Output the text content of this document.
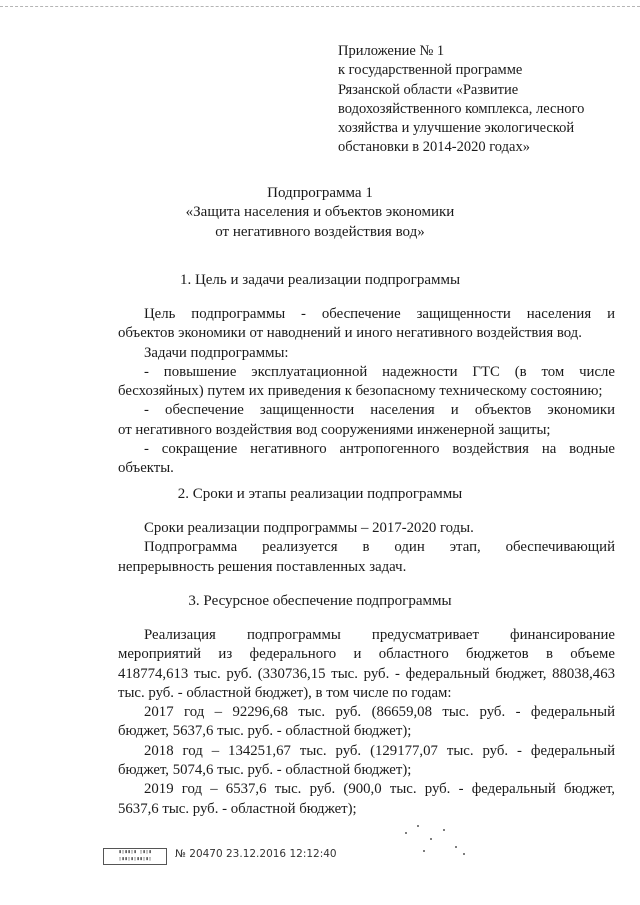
Приложение № 1
к государственной программе
Рязанской области «Развитие
водохозяйственного комплекса, лесного
хозяйства и улучшение экологической
обстановки в 2014-2020 годах»
Подпрограмма 1
«Защита населения и объектов экономики
от негативного воздействия вод»
1. Цель и задачи реализации подпрограммы
Цель подпрограммы - обеспечение защищенности населения и
объектов экономики от наводнений и иного негативного воздействия вод.
Задачи подпрограммы:
- повышение эксплуатационной надежности ГТС (в том числе
бесхозяйных) путем их приведения к безопасному техническому состоянию;
- обеспечение защищенности населения и объектов экономики
от негативного воздействия вод сооружениями инженерной защиты;
- сокращение негативного антропогенного воздействия на водные
объекты.
2. Сроки и этапы реализации подпрограммы
Сроки реализации подпрограммы – 2017-2020 годы.
Подпрограмма реализуется в один этап, обеспечивающий
непрерывность решения поставленных задач.
3. Ресурсное обеспечение подпрограммы
Реализация подпрограммы предусматривает финансирование
мероприятий из федерального и областного бюджетов в объеме
418774,613 тыс. руб. (330736,15 тыс. руб. - федеральный бюджет, 88038,463
тыс. руб. - областной бюджет), в том числе по годам:
2017 год – 92296,68 тыс. руб. (86659,08 тыс. руб. - федеральный
бюджет, 5637,6 тыс. руб. - областной бюджет);
2018 год – 134251,67 тыс. руб. (129177,07 тыс. руб. - федеральный
бюджет, 5074,6 тыс. руб. - областной бюджет);
2019 год – 6537,6 тыс. руб. (900,0 тыс. руб. - федеральный бюджет,
5637,6 тыс. руб. - областной бюджет);
▮▯▮▮▯▮ ▯▮▯▮
▯▮▮▯▮▯▮▮▯▮▯	№ 20470 23.12.2016 12:12:40
